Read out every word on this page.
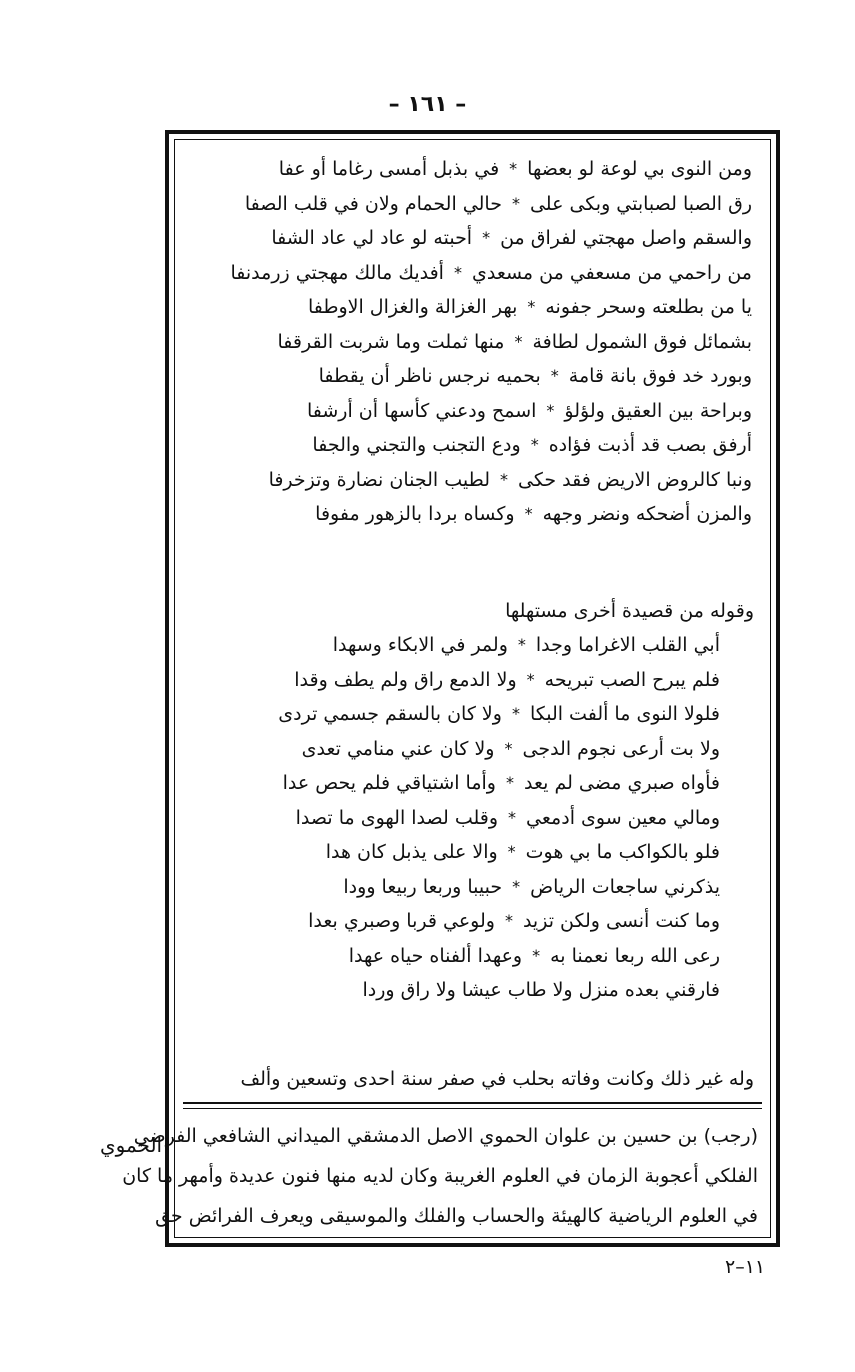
– ١٦١ –
ومن النوى بي لوعة لو بعضها
*
في بذبل أمسى رغاما أو عفا
رق الصبا لصبابتي وبكى على
*
حالي الحمام ولان في قلب الصفا
والسقم واصل مهجتي لفراق من
*
أحبته لو عاد لي عاد الشفا
من راحمي من مسعفي من مسعدي
*
أفديك مالك مهجتي زرمدنفا
يا من بطلعته وسحر جفونه
*
بهر الغزالة والغزال الاوطفا
بشمائل فوق الشمول لطافة
*
منها ثملت وما شربت القرقفا
وبورد خد فوق بانة قامة
*
بحميه نرجس ناظر أن يقطفا
وبراحة بين العقيق ولؤلؤ
*
اسمح ودعني كأسها أن أرشفا
أرفق بصب قد أذبت فؤاده
*
ودع التجنب والتجني والجفا
ونبا كالروض الاريض فقد حكى
*
لطيب الجنان نضارة وتزخرفا
والمزن أضحكه ونضر وجهه
*
وكساه بردا بالزهور مفوفا
وقوله من قصيدة أخرى مستهلها
أبي القلب الاغراما وجدا
*
ولمر في الابكاء وسهدا
فلم يبرح الصب تبريحه
*
ولا الدمع راق ولم يطف وقدا
فلولا النوى ما ألفت البكا
*
ولا كان بالسقم جسمي تردى
ولا بت أرعى نجوم الدجى
*
ولا كان عني منامي تعدى
فأواه صبري مضى لم يعد
*
وأما اشتياقي فلم يحص عدا
ومالي معين سوى أدمعي
*
وقلب لصدا الهوى ما تصدا
فلو بالكواكب ما بي هوت
*
والا على يذبل كان هدا
يذكرني ساجعات الرياض
*
حبيبا وربعا ربيعا وودا
وما كنت أنسى ولكن تزيد
*
ولوعي قربا وصبري بعدا
رعى الله ربعا نعمنا به
*
وعهدا ألفناه حياه عهدا
فارقني بعده منزل ولا طاب عيشا ولا راق وردا
وله غير ذلك وكانت وفاته بحلب في صفر سنة احدى وتسعين وألف
(رجب) بن حسين بن علوان الحموي الاصل الدمشقي الميداني الشافعي الفرضي
الفلكي أعجوبة الزمان في العلوم الغريبة وكان لديه منها فنون عديدة وأمهر ما كان
في العلوم الرياضية كالهيئة والحساب والفلك والموسيقى ويعرف الفرائض حق
الحموي
١١–٢
